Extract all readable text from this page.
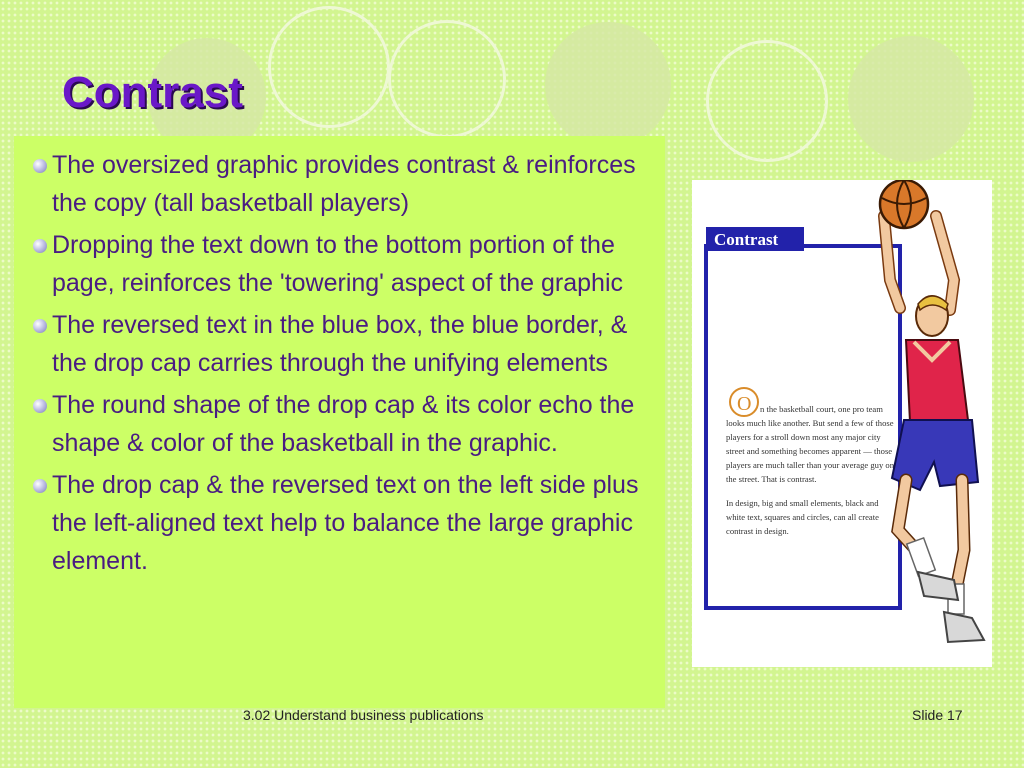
Contrast
The oversized graphic provides contrast & reinforces the copy (tall basketball players)
Dropping the text down to the bottom portion of the page, reinforces the 'towering' aspect of the graphic
The reversed text in the blue box, the blue border, & the drop cap carries through the unifying elements
The round shape of the drop cap & its color echo the shape & color of the basketball in the graphic.
The drop cap & the reversed text on the left side plus the left-aligned text help to balance the large graphic element.
Contrast
O n the basketball court, one pro team looks much like another. But send a few of those players for a stroll down most any major city street and something becomes apparent — those players are much taller than your average guy on the street. That is contrast.
In design, big and small elements, black and white text, squares and circles, can all create contrast in design.
3.02 Understand business publications	Slide 17
